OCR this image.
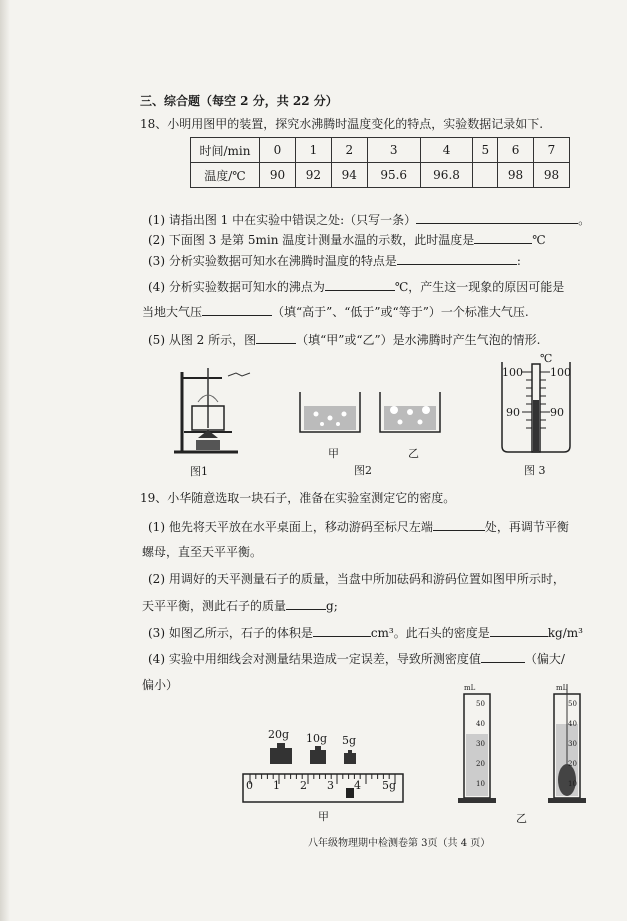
三、综合题（每空 2 分，共 22 分）
18、小明用图甲的装置，探究水沸腾时温度变化的特点，实验数据记录如下.
时间/min	0	1	2	3	4	5	6	7
温度/℃	90	92	94	95.6	96.8		98	98
(1) 请指出图 1 中在实验中错误之处:（只写一条）	。
(2) 下面图 3 是第 5min 温度计测量水温的示数，此时温度是	℃
(3) 分析实验数据可知水在沸腾时温度的特点是	:
(4) 分析实验数据可知水的沸点为	℃，产生这一现象的原因可能是
当地大气压	（填“高于”、“低于”或“等于”）一个标准大气压.
(5) 从图 2 所示，图	（填“甲”或“乙”）是水沸腾时产生气泡的情形.
图1
甲	乙
图2
℃
100 100
90	90
图 3
19、小华随意选取一块石子，准备在实验室测定它的密度。
(1) 他先将天平放在水平桌面上，移动游码至标尺左端	处，再调节平衡
螺母，直至天平平衡。
(2) 用调好的天平测量石子的质量，当盘中所加砝码和游码位置如图甲所示时，
天平平衡，测此石子的质量	g;
(3) 如图乙所示，石子的体积是	cm³。此石头的密度是	kg/m³
(4) 实验中用细线会对测量结果造成一定误差，导致所测密度值	（偏大/
偏小）
20g 10g 5g
0 1 2 3 4 5g
甲
mL
50
40
30
20
10
mL
50
40
30
20
10
乙
八年级物理期中检测卷第 3页（共 4 页）
